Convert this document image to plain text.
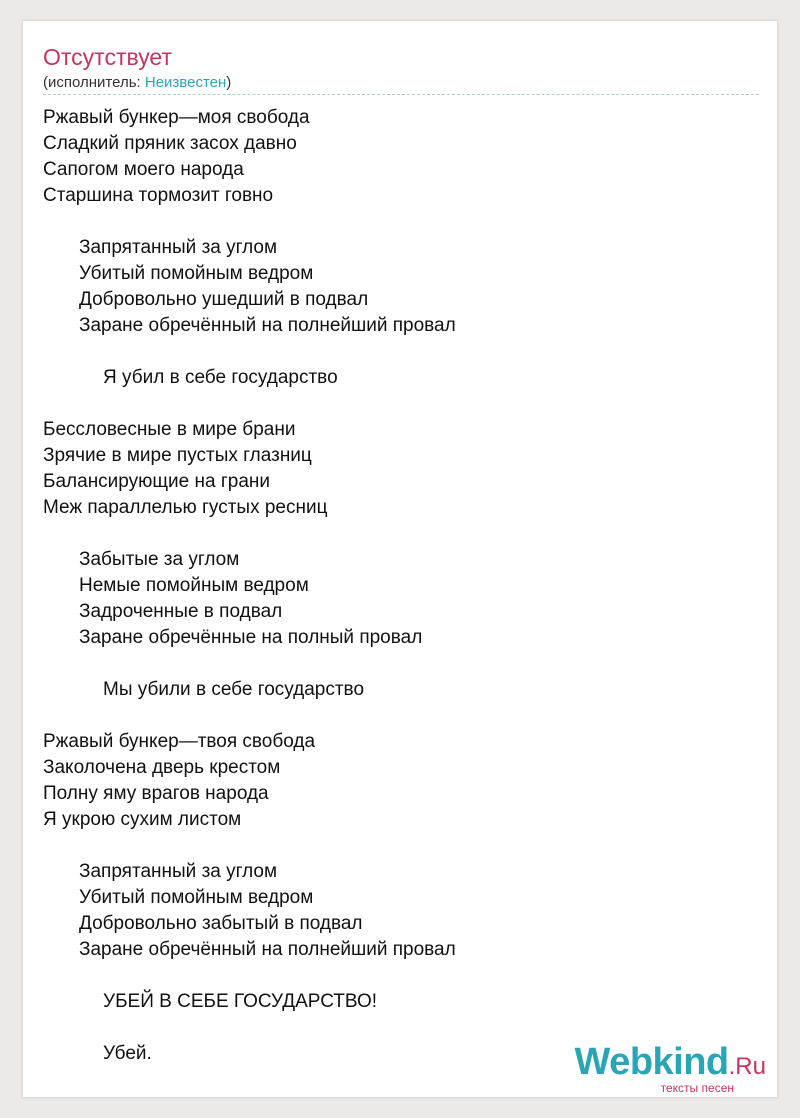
Отсутствует
(исполнитель: Неизвестен)
Ржавый бункер—моя свобода
Сладкий пряник засох давно
Сапогом моего народа
Старшина тормозит говно
Запрятанный за углом
Убитый помойным ведром
Добровольно ушедший в подвал
Заране обречённый на полнейший провал
Я убил в себе государство
Бессловесные в мире брани
Зрячие в мире пустых глазниц
Балансирующие на грани
Меж параллелью густых ресниц
Забытые за углом
Немые помойным ведром
Задроченные в подвал
Заране обречённые на полный провал
Мы убили в себе государство
Ржавый бункер—твоя свобода
Заколочена дверь крестом
Полну яму врагов народа
Я укрою сухим листом
Запрятанный за углом
Убитый помойным ведром
Добровольно забытый в подвал
Заране обречённый на полнейший провал
УБЕЙ В СЕБЕ ГОСУДАРСТВО!
Убей.	Webkind.Ru
тексты песен
